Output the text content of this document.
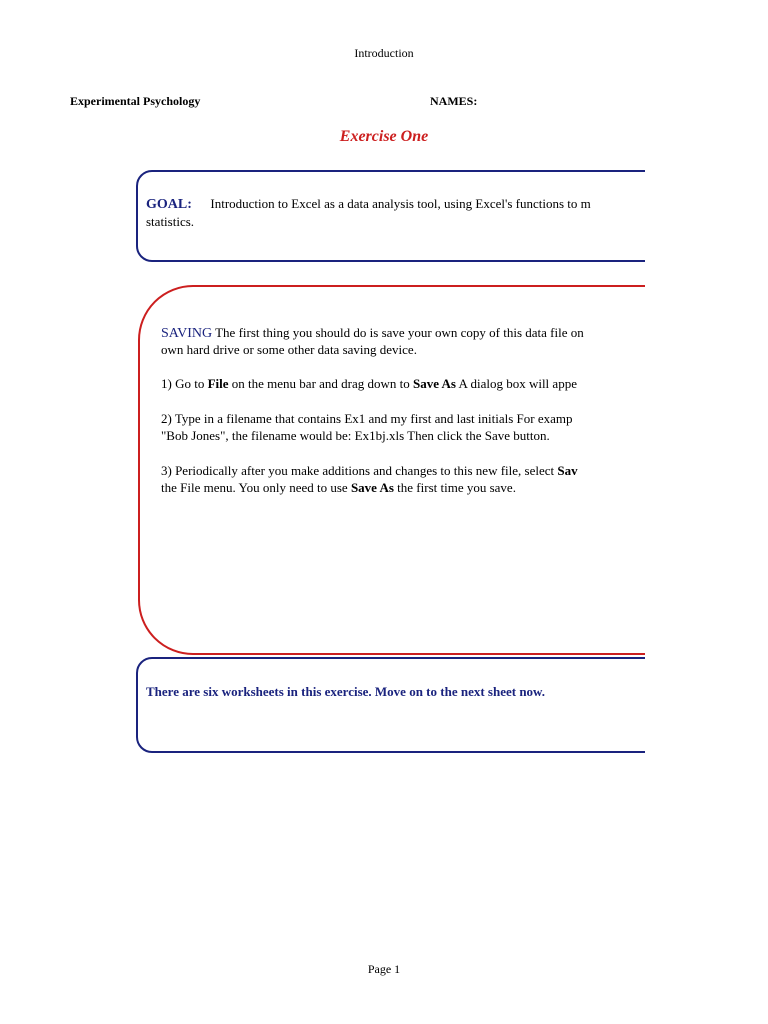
Introduction
Experimental Psychology	NAMES:
Exercise One
GOAL: Introduction to Excel as a data analysis tool, using Excel's functions to m
statistics.
SAVING The first thing you should do is save your own copy of this data file on
own hard drive or some other data saving device.
1) Go to File on the menu bar and drag down to Save As A dialog box will appe
2) Type in a filename that contains Ex1 and my first and last initials For examp
"Bob Jones", the filename would be: Ex1bj.xls Then click the Save button.
3) Periodically after you make additions and changes to this new file, select Sav
the File menu. You only need to use Save As the first time you save.
There are six worksheets in this exercise. Move on to the next sheet now.
Page 1
